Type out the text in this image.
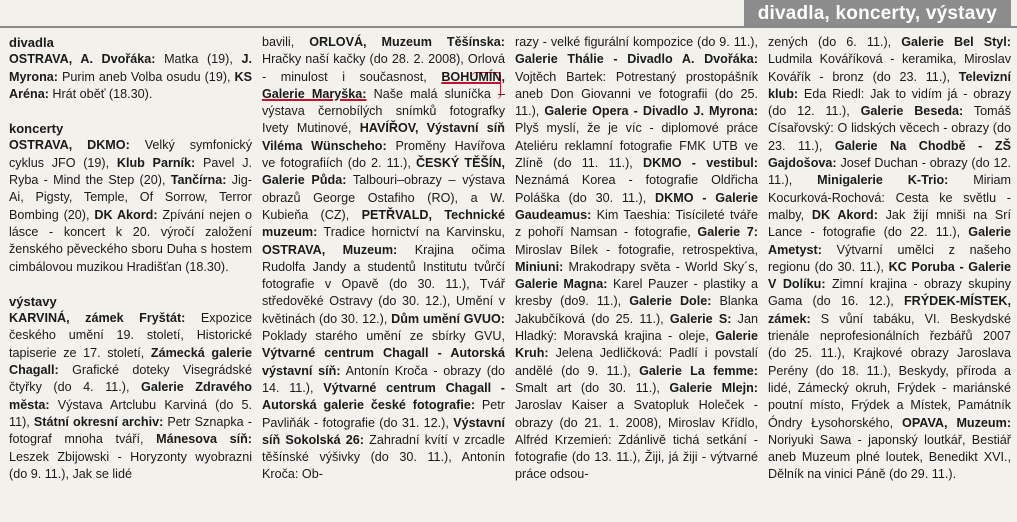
divadla, koncerty, výstavy

divadla

OSTRAVA, A. Dvořáka: Matka (19), J. Myrona: Purim aneb Volba osudu (19), KS Aréna: Hrát oběť (18.30).

koncerty

OSTRAVA, DKMO: Velký symfonický cyklus JFO (19), Klub Parník: Pavel J. Ryba - Mind the Step (20), Tančírna: Jig-Ai, Pigsty, Temple, Of Sorrow, Terror Bombing (20), DK Akord: Zpívání nejen o lásce - koncert k 20. výročí založení ženského pěveckého sboru Duha s hostem cimbálovou muzikou Hradišťan (18.30).

výstavy

KARVINÁ, zámek Fryštát: Expozice českého umění 19. století, Historické tapiserie ze 17. století, Zámecká galerie Chagall: Grafické doteky Visegrádské čtyřky (do 4. 11.), Galerie Zdravého města: Výstava Artclubu Karviná (do 5. 11), Státní okresní archiv: Petr Sznapka - fotograf mnoha tváří, Mánesova síň: Leszek Zbijowski - Horyzonty wyobrazni (do 9. 11.), Jak se lidé

bavili, ORLOVÁ, Muzeum Těšínska: Hračky naší kačky (do 28. 2. 2008), Orlová - minulost i současnost, BOHUMÍN, Galerie Maryška: Naše malá sluníčka – výstava černobílých snímků fotografky Ivety Mutinové, HAVÍŘOV, Výstavní síň Viléma Wünscheho: Proměny Havířova ve fotografiích (do 2. 11.), ČESKÝ TĚŠÍN, Galerie Půda: Talbouri–obrazy – výstava obrazů George Ostafiho (RO), a W. Kubieňa (CZ), PETŘVALD, Technické muzeum: Tradice hornictví na Karvinsku, OSTRAVA, Muzeum: Krajina očima Rudolfa Jandy a studentů Institutu tvůrčí fotografie v Opavě (do 30. 11.), Tvář středověké Ostravy (do 30. 12.), Umění v květinách (do 30. 12.), Dům umění GVUO: Poklady starého umění ze sbírky GVU, Výtvarné centrum Chagall - Autorská výstavní síň: Antonín Kroča - obrazy (do 14. 11.), Výtvarné centrum Chagall - Autorská galerie české fotografie: Petr Pavliňák - fotografie (do 31. 12.), Výstavní síň Sokolská 26: Zahradní kvítí v zrcadle těšínské výšivky (do 30. 11.), Antonín Kroča: Ob-

razy - velké figurální kompozice (do 9. 11.), Galerie Thálie - Divadlo A. Dvořáka: Vojtěch Bartek: Potrestaný prostopášník aneb Don Giovanni ve fotografii (do 25. 11.), Galerie Opera - Divadlo J. Myrona: Plyš myslí, že je víc - diplomové práce Ateliéru reklamní fotografie FMK UTB ve Zlíně (do 11. 11.), DKMO - vestibul: Neznámá Korea - fotografie Oldřicha Poláška (do 30. 11.), DKMO - Galerie Gaudeamus: Kim Taeshia: Tisícileté tváře z pohoří Namsan - fotografie, Galerie 7: Miroslav Bílek - fotografie, retrospektiva, Miniuni: Mrakodrapy světa - World Sky´s, Galerie Magna: Karel Pauzer - plastiky a kresby (do9. 11.), Galerie Dole: Blanka Jakubčíková (do 25. 11.), Galerie S: Jan Hladký: Moravská krajina - oleje, Galerie Kruh: Jelena Jedličková: Padlí i povstalí andělé (do 9. 11.), Galerie La femme: Smalt art (do 30. 11.), Galerie Mlejn: Jaroslav Kaiser a Svatopluk Holeček - obrazy (do 21. 1. 2008), Miroslav Křídlo, Alfréd Krzemień: Zdánlivě tichá setkání - fotografie (do 13. 11.), Žiji, já žiji - výtvarné práce odsou-

zených (do 6. 11.), Galerie Bel Styl: Ludmila Kováříková - keramika, Miroslav Kovářík - bronz (do 23. 11.), Televizní klub: Eda Riedl: Jak to vidím já - obrazy (do 12. 11.), Galerie Beseda: Tomáš Císařovský: O lidských věcech - obrazy (do 23. 11.), Galerie Na Chodbě - ZŠ Gajdošova: Josef Duchan - obrazy (do 12. 11.), Minigalerie K-Trio: Miriam Kocurková-Rochová: Cesta ke světlu - malby, DK Akord: Jak žijí mniši na Srí Lance - fotografie (do 22. 11.), Galerie Ametyst: Výtvarní umělci z našeho regionu (do 30. 11.), KC Poruba - Galerie V Dolíku: Zimní krajina - obrazy skupiny Gama (do 16. 12.), FRÝDEK-MÍSTEK, zámek: S vůní tabáku, VI. Beskydské trienále neprofesionálních řezbářů 2007 (do 25. 11.), Krajkové obrazy Jaroslava Perény (do 18. 11.), Beskydy, příroda a lidé, Zámecký okruh, Frýdek - mariánské poutní místo, Frýdek a Místek, Památník Óndry Łysohorského, OPAVA, Muzeum: Noriyuki Sawa - japonský loutkář, Bestiář aneb Muzeum plné loutek, Benedikt XVI., Dělník na vinici Páně (do 29. 11.).
